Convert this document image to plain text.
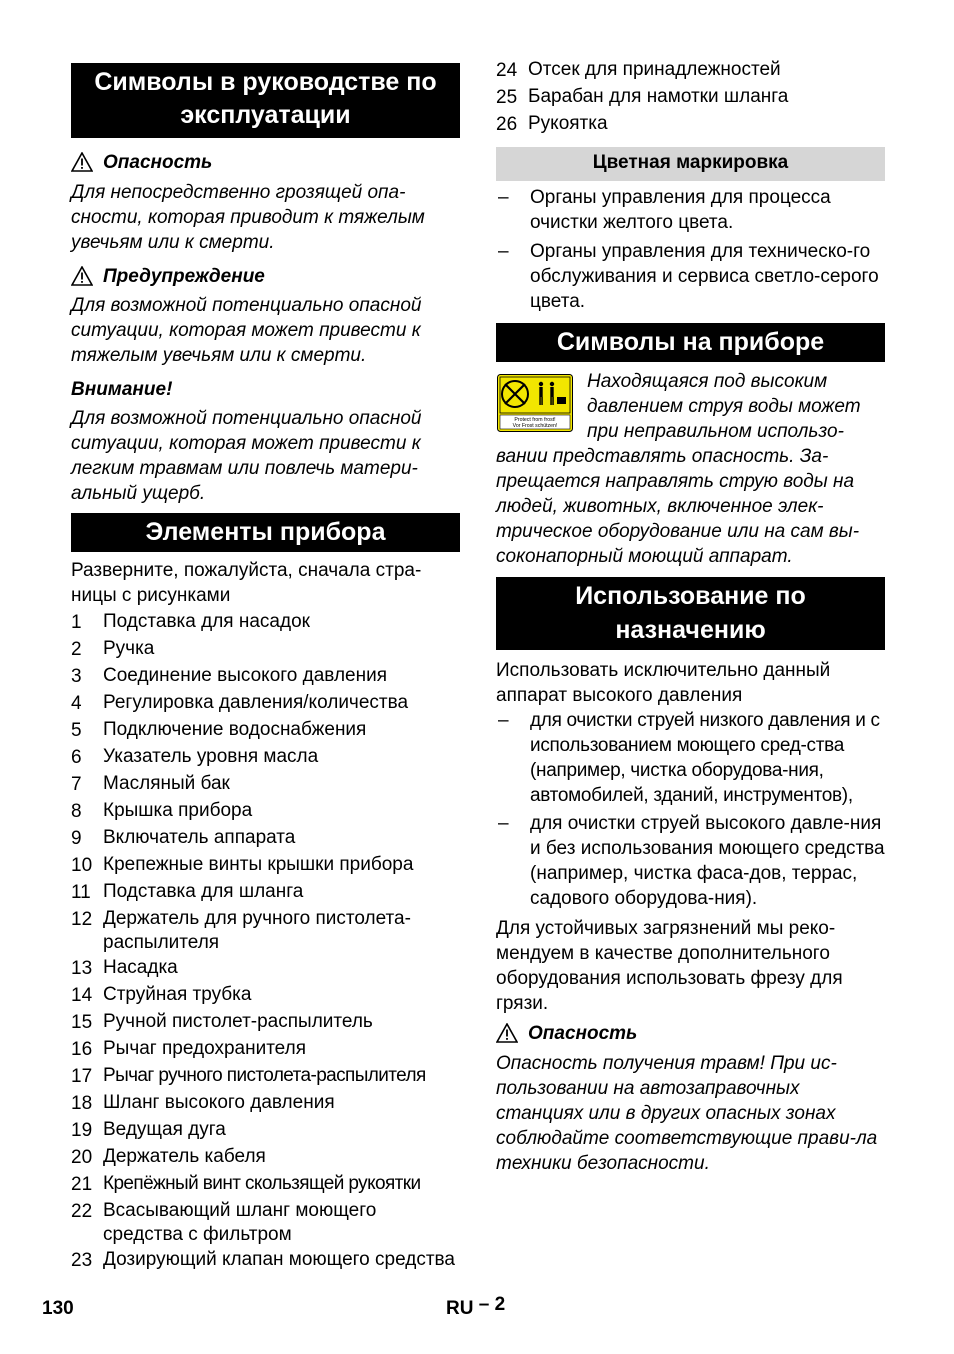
Символы в руководстве по эксплуатации
Опасность

Для непосредственно грозящей опа-сности, которая приводит к тяжелым увечьям или к смерти.

Предупреждение

Для возможной потенциально опасной ситуации, которая может привести к тяжелым увечьям или к смерти.

Внимание!

Для возможной потенциально опасной ситуации, которая может привести к легким травмам или повлечь матери-альный ущерб.

Элементы прибора

Разверните, пожалуйста, сначала стра-ницы с рисунками

1	Подставка для насадок
2	Ручка
3	Соединение высокого давления
4	Регулировка давления/количества
5	Подключение водоснабжения
6	Указатель уровня масла
7	Масляный бак
8	Крышка прибора
9	Включатель аппарата
10 Крепежные винты крышки прибора
11 Подставка для шланга
12 Держатель для ручного пистолета-распылителя
13 Насадка
14 Струйная трубка
15 Ручной пистолет-распылитель
16 Рычаг предохранителя
17 Рычаг ручного пистолета-распылителя
18 Шланг высокого давления
19 Ведущая дуга
20 Держатель кабеля
21 Крепёжный винт скользящей рукоятки
22 Всасывающий шланг моющего средства с фильтром
23 Дозирующий клапан моющего средства
24 Отсек для принадлежностей
25 Барабан для намотки шланга
26 Рукоятка
Цветная маркировка
–	Органы управления для процесса очистки желтого цвета.
–	Органы управления для техническо-го обслуживания и сервиса светло-серого цвета.
Символы на приборе
Protect from frost!
Vor Frost schützen!

Находящаяся под высоким давлением струя воды может при неправильном использо-вании представлять опасность. За-прещается направлять струю воды на людей, животных, включенное элек-трическое оборудование или на сам вы-соконапорный моющий аппарат.

Использование по назначению

Использовать исключительно данный аппарат высокого давления

–	для очистки струей низкого давления и с использованием моющего сред-ства (например, чистка оборудова-ния, автомобилей, зданий, инструментов),
–	для очистки струей высокого давле-ния и без использования моющего средства (например, чистка фаса-дов, террас, садового оборудова-ния).

Для устойчивых загрязнений мы реко-мендуем в качестве дополнительного оборудования использовать фрезу для грязи.

Опасность

Опасность получения травм! При ис-пользовании на автозаправочных станциях или в других опасных зонах соблюдайте соответствующие прави-ла техники безопасности.

130	RU – 2
